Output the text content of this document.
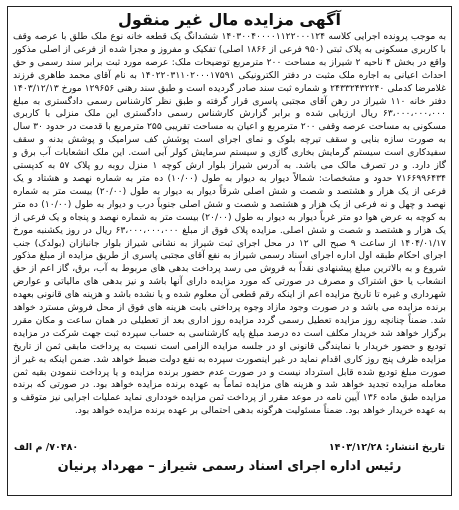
آگهی مزایده مال غیر منقول

به موجب پرونده اجرایی کلاسه ۱۴۰۳۰۰۴۰۰۰۰۱۱۲۲۰۰۰۱۲۴ ششدانگ یک قطعه خانه نوع ملک طلق با عرصه وقف با کاربری مسکونی به پلاک ثبتی (۹۵۰ فرعی از ۱۸۶۶ اصلی) تفکیک و مفروز و مجزا شده از فرعی از اصلی مذکور واقع در بخش ۴ ناحیه ۲ شیراز به مساحت ۲۰۰ مترمربع توضیحات ملک: عرصه مورد ثبت برابر سند رسمی و حق احداث اعیانی به اجاره ملک مثبت در دفتر الکترونیکی ۱۴۰۲۲۰۳۱۱۰۲۰۰۰۱۷۵۹۱ به نام آقای محمد طاهری فرزند غلامرضا کدملی ۲۴۳۳۲۴۳۲۲۴۰ و شماره ثبت سند صادر گردیده است و طبق سند رهنی ۱۲۹۶۵۶ مورخ ۱۴۰۳/۱۲/۱۳ دفتر خانه ۱۱۰ شیراز در رهن آقای مجتبی پاسری قرار گرفته و طبق نظر کارشناس رسمی دادگستری به مبلغ ۶۳،۰۰۰،۰۰۰،۰۰۰ ریال ارزیابی شده و برابر گزارش کارشناس رسمی دادگستری این ملک منزلی با کاربری مسکونی به مساحت عرصه وقفی ۲۰۰ مترمربع و اعیان به مساحت تقریبی ۲۵۵ مترمربع با قدمت در حدود ۳۰ سال به صورت سازه بنایی و سقف تیرچه بلوک و نمای اجرای است پوشش کف سرامیک و پوشش بدنه و سقف سفیدکاری است سیستم گرمایش بخاری گازی و سیستم سرمایش کولر آبی است. این ملک انشعابات آب برق و گاز دارد. و در تصرف مالک می باشد. به آدرس شیراز بلوار ارش کوچه ۱ منزل روبه رو پلاک ۵۷ به کدپستی ۷۱۶۶۹۹۶۴۳۴ حدود و مشخصات: شمالاً دیوار به دیوار به طول (۱۰/۰۰) ده متر به شماره نهصد و هشتاد و یک فرعی از یک هزار و هشتصد و شصت و شش اصلی شرقاً دیوار به دیوار به طول (۲۰/۰۰) بیست متر به شماره نهصد و چهل و نه فرعی از یک هزار و هشتصد و شصت و شش اصلی جنوباً درب و دیوار به طول (۱۰/۰۰) ده متر به کوچه به عرض هوا دو متر غرباً دیوار به دیوار به طول (۲۰/۰۰) بیست متر به شماره نهصد و پنجاه و یک فرعی از یک هزار و هشتصد و شصت و شش اصلی. مزایده پلاک فوق از مبلغ ۶۳،۰۰۰،۰۰۰،۰۰۰ ریال در روز یکشنبه مورخ ۱۴۰۴/۰۱/۱۷ از ساعت ۹ صبح الی ۱۲ در محل اجرای ثبت شیراز به نشانی شیراز بلوار جانبازان (بولدک) جنب اجرای احکام طبقه اول اداره اجرای اسناد رسمی شیراز به نفع آقای مجتبی پاسری از طریق مزایده از مبلغ مذکور شروع و به بالاترین مبلغ پیشنهادی نقداً به فروش می رسد پرداخت بدهی های مربوط به آب، برق، گاز اعم از حق انشعاب یا حق اشتراک و مصرف در صورتی که مورد مزایده دارای آنها باشد و نیز بدهی های مالیاتی و عوارض شهرداری و غیره تا تاریخ مزایده اعم از اینکه رقم قطعی آن معلوم شده و یا نشده باشد و هزینه های قانونی بعهده برنده مزایده می باشد و در صورت وجود مازاد وجوه پرداختی بابت هزینه های فوق از محل فروش مسترد خواهد شد. ضمناً چنانچه روز مزایده تعطیل رسمی گردد مزایده روز اداری بعد از تعطیلی در همان ساعت و مکان مقرر برگزار خواهد شد خریدار مکلف است ده درصد مبلغ پایه کارشناسی به حساب سپرده ثبت جهت شرکت در مزایده تودیع و حضور خریدار با نمایندگی قانونی او در جلسه مزایده الزامی است نسبت به پرداخت مابقی ثمن از تاریخ مزایده ظرف پنج روز کاری اقدام نماید در غیر اینصورت سپرده به نفع دولت ضبط خواهد شد. ضمن اینکه به غیر از صورت مبلغ تودیع شده قابل استرداد نیست و در صورت عدم حضور برنده مزایده و یا پرداخت ننمودن بقیه ثمن معامله مزایده تجدید خواهد شد و هزینه های مزایده تماماً به عهده برنده مزایده خواهد بود. در صورتی که برنده مزایده طبق ماده ۱۳۶ آیین نامه در موعد مقرر از پرداخت ثمن مزایده خودداری نماید عملیات اجرایی نیز متوقف و به عهده خریدار خواهد بود. ضمناً مسئولیت هرگونه بدهی احتمالی بر عهده برنده مزایده خواهد بود.

تاریخ انتشار: ۱۴۰۳/۱۲/۲۸
۷۰۴۸۰/ م الف
رئیس اداره اجرای اسناد رسمی شیراز – مهرداد پرنیان
